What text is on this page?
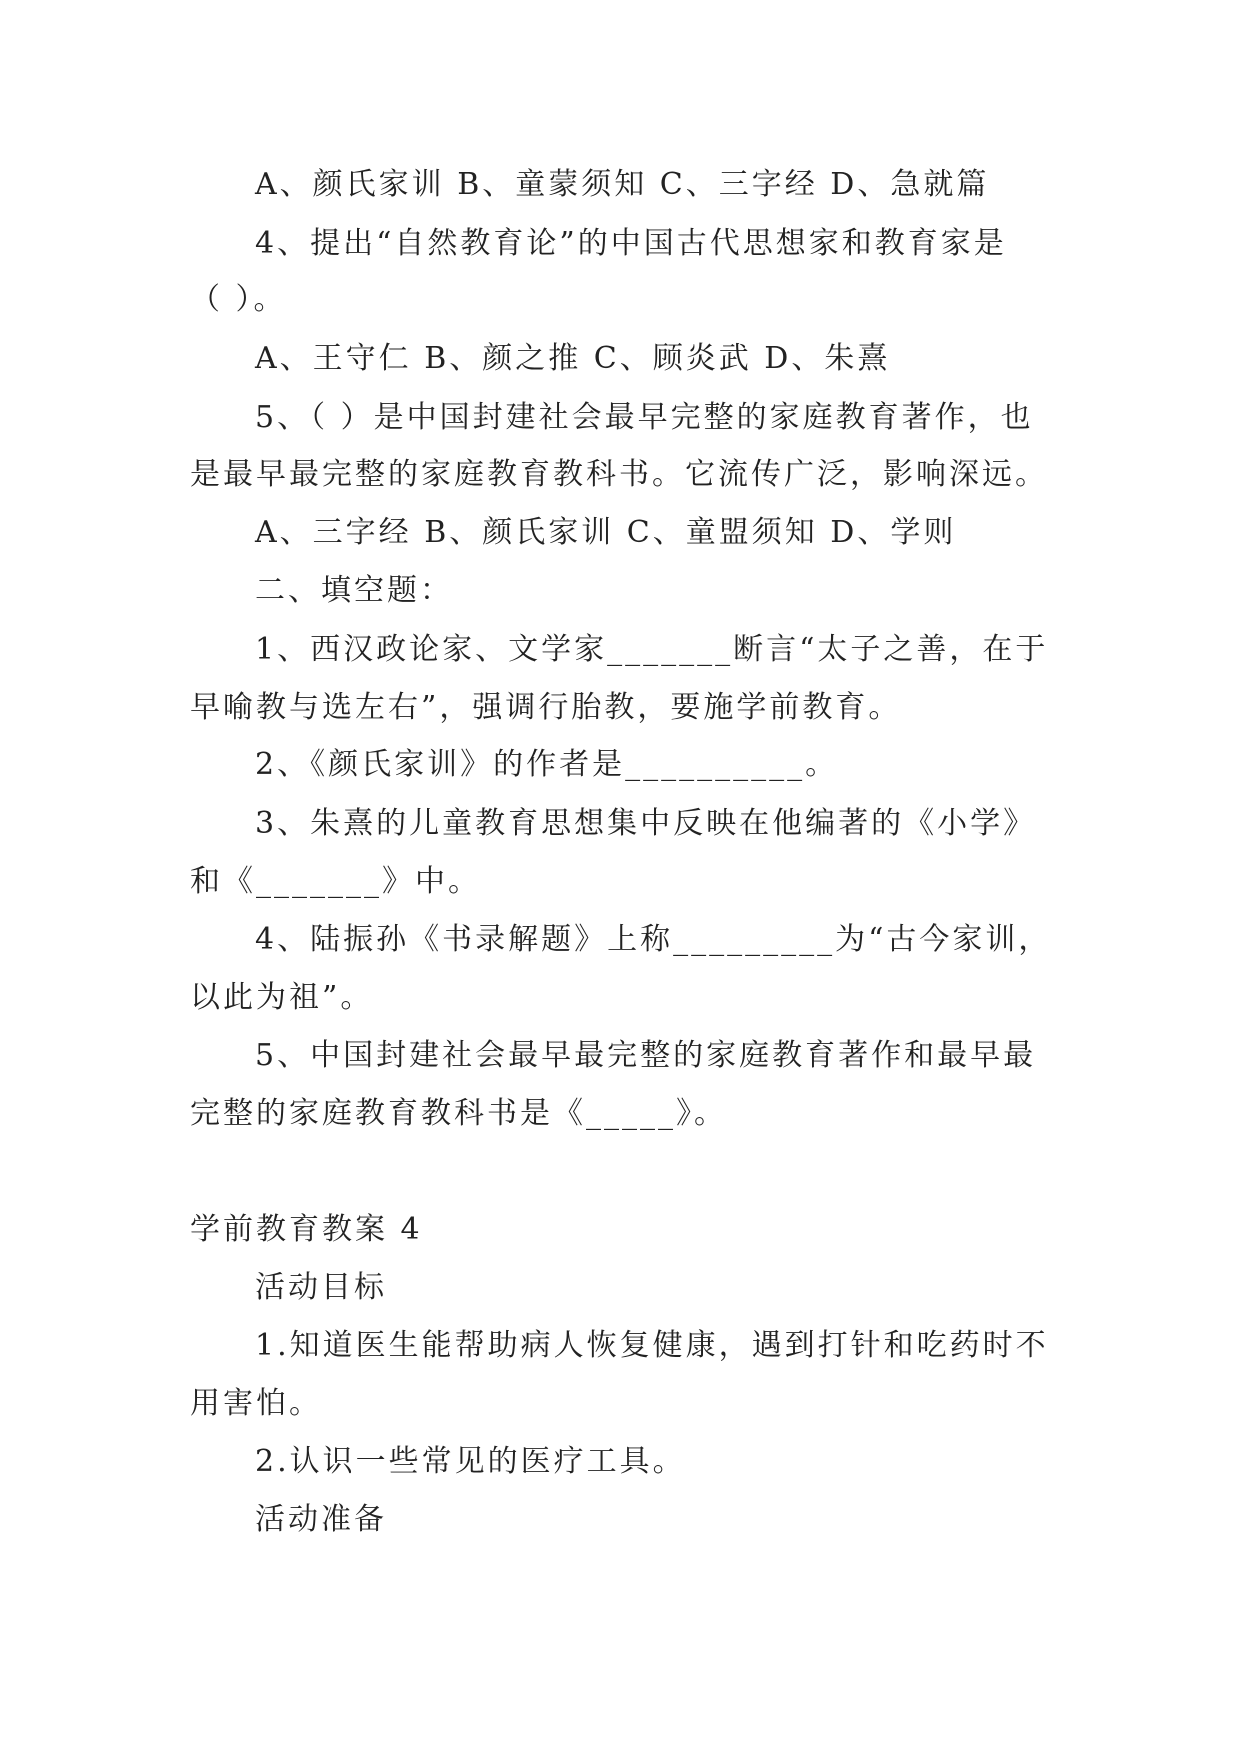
A、颜氏家训 B、童蒙须知 C、三字经 D、急就篇
4、提出“自然教育论”的中国古代思想家和教育家是
（ ）。
A、王守仁 B、颜之推 C、顾炎武 D、朱熹
5、（ ）是中国封建社会最早完整的家庭教育著作，也
是最早最完整的家庭教育教科书。它流传广泛，影响深远。
A、三字经 B、颜氏家训 C、童盟须知 D、学则
二、填空题：
1、西汉政论家、文学家_______断言“太子之善，在于
早喻教与选左右”，强调行胎教，要施学前教育。
2、《颜氏家训》的作者是__________。
3、朱熹的儿童教育思想集中反映在他编著的《小学》
和《_______》中。
4、陆振孙《书录解题》上称_________为“古今家训，
以此为祖”。
5、中国封建社会最早最完整的家庭教育著作和最早最
完整的家庭教育教科书是《_____》。
学前教育教案 4
活动目标
1.知道医生能帮助病人恢复健康，遇到打针和吃药时不
用害怕。
2.认识一些常见的医疗工具。
活动准备
